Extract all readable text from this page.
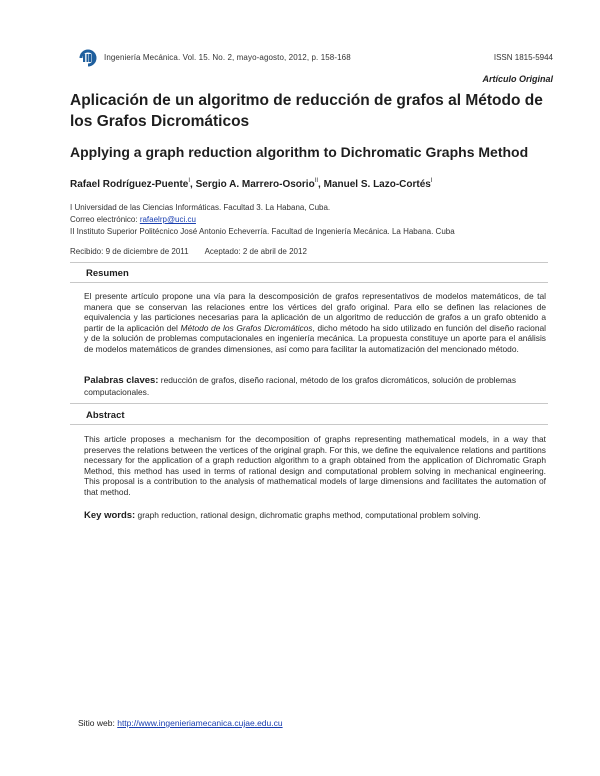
Ingeniería Mecánica. Vol. 15. No. 2, mayo-agosto, 2012, p. 158-168	ISSN 1815-5944
Artículo Original
Aplicación de un algoritmo de reducción de grafos al Método de los Grafos Dicromáticos
Applying a graph reduction algorithm to Dichromatic Graphs Method
Rafael Rodríguez-Puente$^I$, Sergio A. Marrero-Osorio$^{II}$, Manuel S. Lazo-Cortés$^I$
I Universidad de las Ciencias Informáticas. Facultad 3. La Habana, Cuba.
Correo electrónico: rafaelrp@uci.cu
II Instituto Superior Politécnico José Antonio Echeverría. Facultad de Ingeniería Mecánica. La Habana. Cuba
Recibido: 9 de diciembre de 2011 Aceptado: 2 de abril de 2012
Resumen
El presente artículo propone una vía para la descomposición de grafos representativos de modelos matemáticos, de tal manera que se conservan las relaciones entre los vértices del grafo original. Para ello se definen las relaciones de equivalencia y las particiones necesarias para la aplicación de un algoritmo de reducción de grafos a un grafo obtenido a partir de la aplicación del Método de los Grafos Dicromáticos, dicho método ha sido utilizado en función del diseño racional y de la solución de problemas computacionales en ingeniería mecánica. La propuesta constituye un aporte para el análisis de modelos matemáticos de grandes dimensiones, así como para facilitar la automatización del mencionado método.
Palabras claves: reducción de grafos, diseño racional, método de los grafos dicromáticos, solución de problemas computacionales.
Abstract
This article proposes a mechanism for the decomposition of graphs representing mathematical models, in a way that preserves the relations between the vertices of the original graph. For this, we define the equivalence relations and partitions necessary for the application of a graph reduction algorithm to a graph obtained from the application of Dichromatic Graph Method, this method has used in terms of rational design and computational problem solving in mechanical engineering. This proposal is a contribution to the analysis of mathematical models of large dimensions and facilitates the automation of that method.
Key words: graph reduction, rational design, dichromatic graphs method, computational problem solving.
Sitio web: http://www.ingenieriamecanica.cujae.edu.cu
